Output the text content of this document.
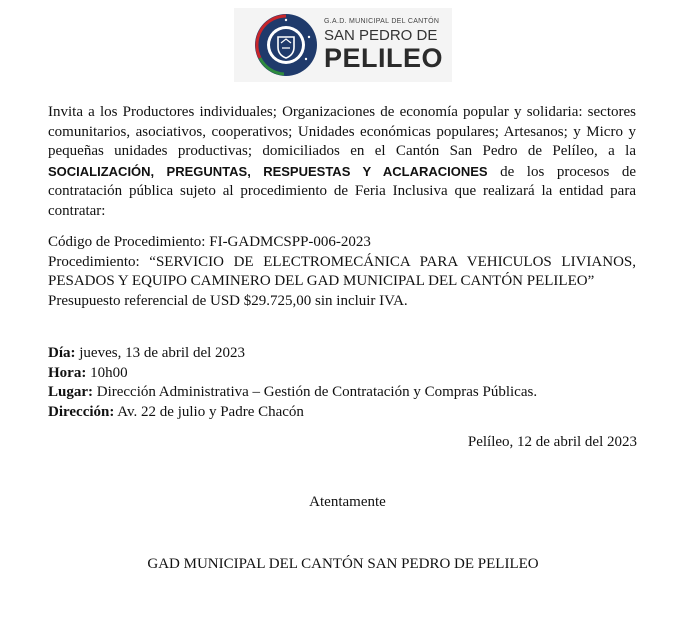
G.A.D. MUNICIPAL DEL CANTÓN
SAN PEDRO DE
PELILEO
Invita a los Productores individuales; Organizaciones de economía popular y solidaria: sectores comunitarios, asociativos, cooperativos; Unidades económicas populares; Artesanos; y Micro y pequeñas unidades productivas; domiciliados en el Cantón San Pedro de Pelíleo, a la SOCIALIZACIÓN, PREGUNTAS, RESPUESTAS Y ACLARACIONES de los procesos de contratación pública sujeto al procedimiento de Feria Inclusiva que realizará la entidad para contratar:
Código de Procedimiento: FI-GADMCSPP-006-2023
Procedimiento: “SERVICIO DE ELECTROMECÁNICA PARA VEHICULOS LIVIANOS, PESADOS Y EQUIPO CAMINERO DEL GAD MUNICIPAL DEL CANTÓN PELILEO”
Presupuesto referencial de USD $29.725,00 sin incluir IVA.
Día: jueves, 13 de abril del 2023
Hora: 10h00
Lugar: Dirección Administrativa – Gestión de Contratación y Compras Públicas.
Dirección: Av. 22 de julio y Padre Chacón
Pelíleo, 12 de abril del 2023
Atentamente
GAD MUNICIPAL DEL CANTÓN SAN PEDRO DE PELILEO
